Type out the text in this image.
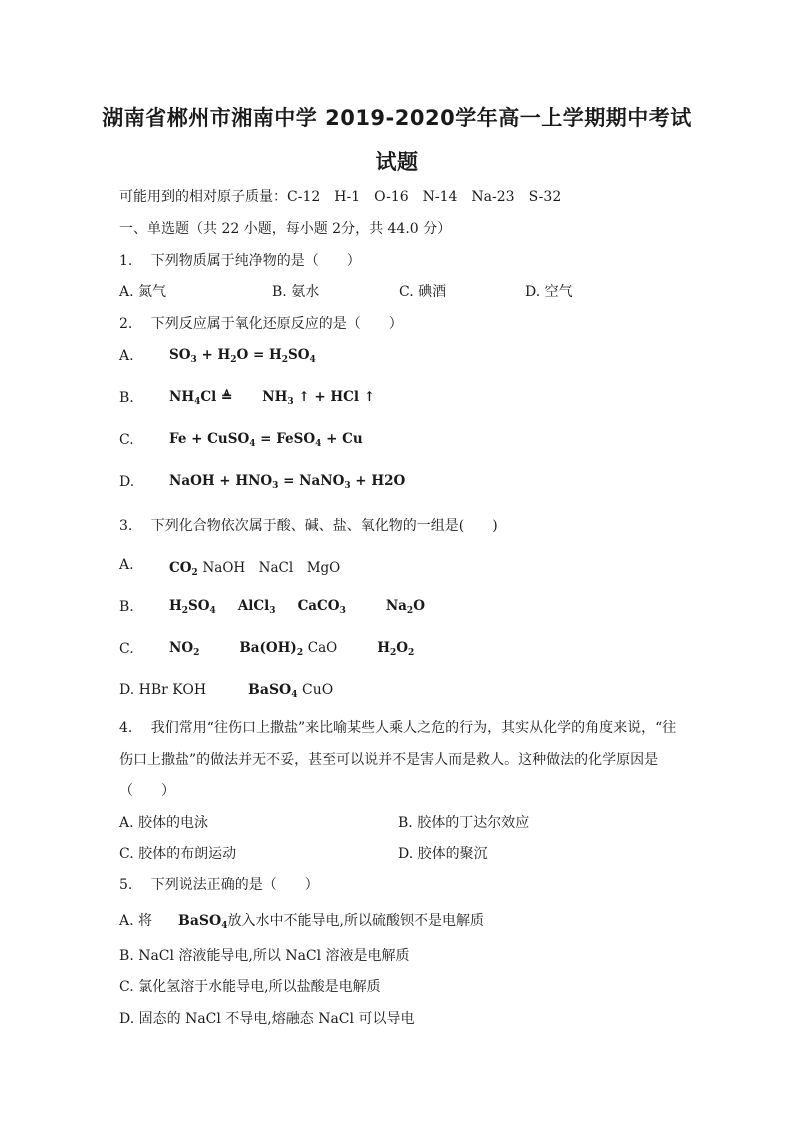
湖南省郴州市湘南中学 2019-2020学年高一上学期期中考试
试题
可能用到的相对原子质量：C-12　H-1　O-16　N-14　Na-23　S-32
一、单选题（共 22 小题，每小题 2分，共 44.0 分）
1.　 下列物质属于纯净物的是（　　）
A. 氮气	B. 氨水	C. 碘酒	D. 空气
2.　 下列反应属于氧化还原反应的是（　　）
A.	$SO_3 + H_2O = H_2SO_4$
B.	$NH_4Cl$ ≜ $NH_3$ ↑ + HCl ↑
C.	Fe + CuSO$_4$ = FeSO$_4$ + Cu
D.	NaOH + $HNO_3$ = NaNO$_3$ + H2O
3.　 下列化合物依次属于酸、碱、盐、氧化物的一组是(　　)
A.	$CO_2$ NaOH　NaCl　MgO
B.	$H_2SO_4$ AlCl$_3$ CaCO$_3$	$Na_2O$
C.	$NO_2$	$Ba(OH)_2$ CaO	$H_2O_2$
D. HBr KOH	BaSO$_4$ CuO
4.　 我们常用“往伤口上撒盐”来比喻某些人乘人之危的行为，其实从化学的角度来说，“往
伤口上撒盐”的做法并无不妥，甚至可以说并不是害人而是救人。这种做法的化学原因是
（　　）
A. 胶体的电泳	B. 胶体的丁达尔效应
C. 胶体的布朗运动	D. 胶体的聚沉
5.　 下列说法正确的是（　　）
A. 将 BaSO$_4$放入水中不能导电,所以硫酸钡不是电解质
B. NaCl 溶液能导电,所以 NaCl 溶液是电解质
C. 氯化氢溶于水能导电,所以盐酸是电解质
D. 固态的 NaCl 不导电,熔融态 NaCl 可以导电
